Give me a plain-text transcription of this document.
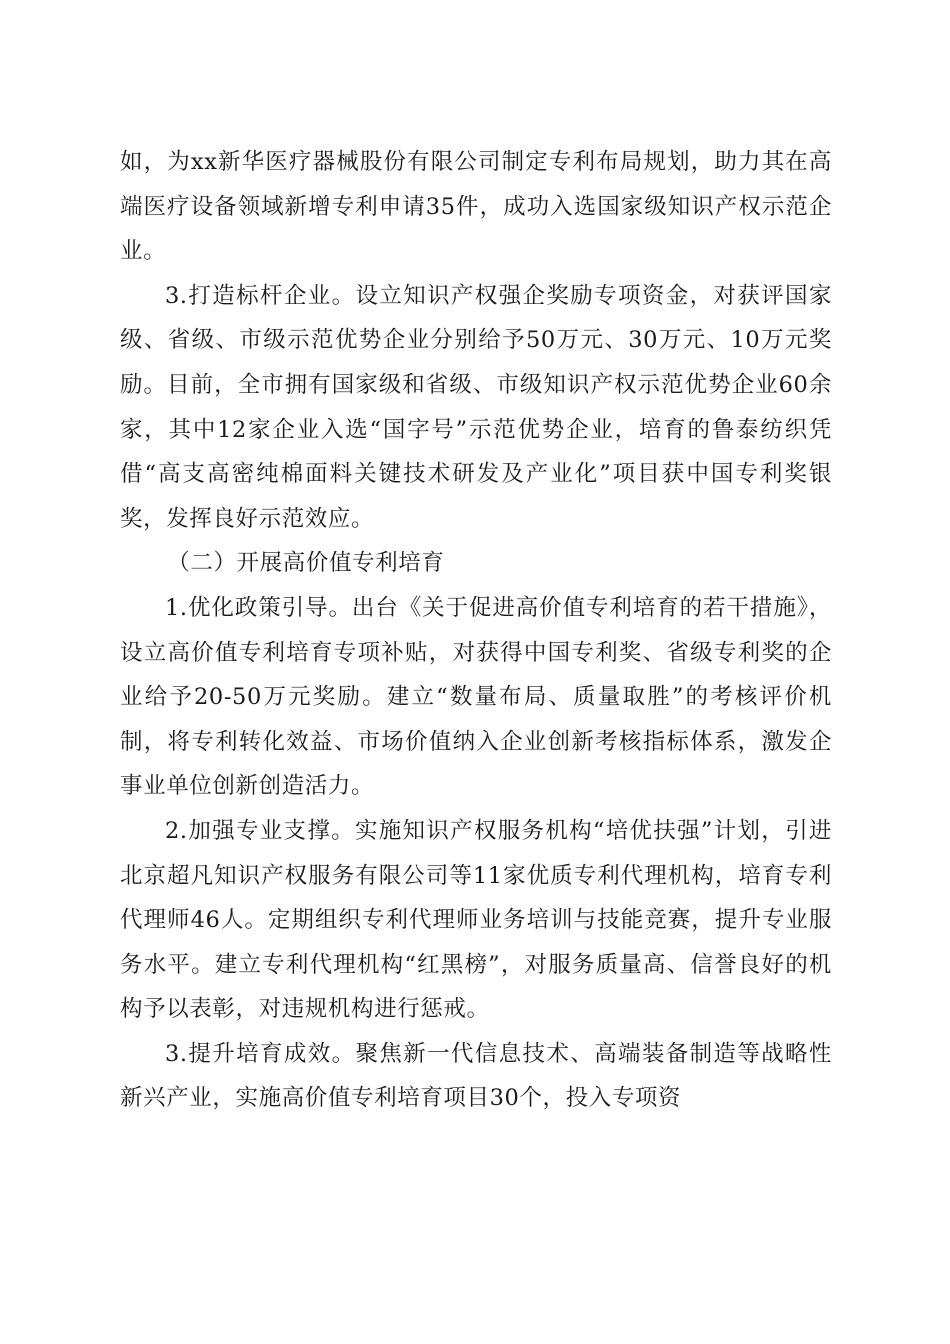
如，为xx新华医疗器械股份有限公司制定专利布局规划，助力其在高端医疗设备领域新增专利申请35件，成功入选国家级知识产权示范企业。

3.打造标杆企业。设立知识产权强企奖励专项资金，对获评国家级、省级、市级示范优势企业分别给予50万元、30万元、10万元奖励。目前，全市拥有国家级和省级、市级知识产权示范优势企业60余家，其中12家企业入选“国字号”示范优势企业，培育的鲁泰纺织凭借“高支高密纯棉面料关键技术研发及产业化”项目获中国专利奖银奖，发挥良好示范效应。

（二）开展高价值专利培育

1.优化政策引导。出台《关于促进高价值专利培育的若干措施》，设立高价值专利培育专项补贴，对获得中国专利奖、省级专利奖的企业给予20-50万元奖励。建立“数量布局、质量取胜”的考核评价机制，将专利转化效益、市场价值纳入企业创新考核指标体系，激发企事业单位创新创造活力。

2.加强专业支撑。实施知识产权服务机构“培优扶强”计划，引进北京超凡知识产权服务有限公司等11家优质专利代理机构，培育专利代理师46人。定期组织专利代理师业务培训与技能竞赛，提升专业服务水平。建立专利代理机构“红黑榜”，对服务质量高、信誉良好的机构予以表彰，对违规机构进行惩戒。

3.提升培育成效。聚焦新一代信息技术、高端装备制造等战略性新兴产业，实施高价值专利培育项目30个，投入专项资
